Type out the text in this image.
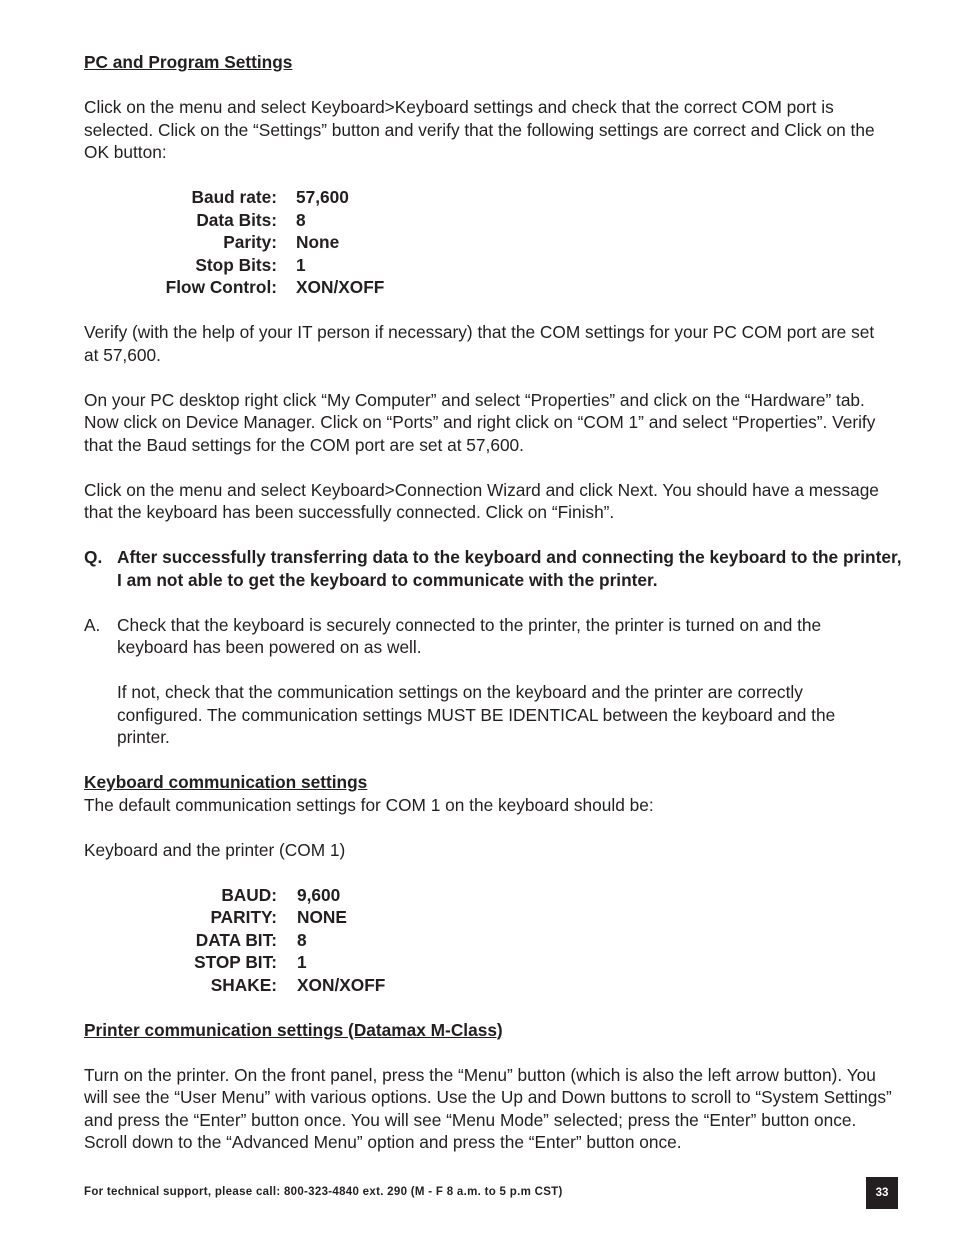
PC and Program Settings

Click on the menu and select Keyboard>Keyboard settings and check that the correct COM port is selected. Click on the “Settings” button and verify that the following settings are correct and Click on the OK button:

Baud rate:		57,600
Data Bits:		8
Parity:		None
Stop Bits:		1
Flow Control:		XON/XOFF

Verify (with the help of your IT person if necessary) that the COM settings for your PC COM port are set at 57,600.

On your PC desktop right click “My Computer” and select “Properties” and click on the “Hardware” tab. Now click on Device Manager. Click on “Ports” and right click on “COM 1” and select “Properties”. Verify that the Baud settings for the COM port are set at 57,600.

Click on the menu and select Keyboard>Connection Wizard and click Next. You should have a message that the keyboard has been successfully connected. Click on “Finish”.

Q. After successfully transferring data to the keyboard and connecting the keyboard to the printer, I am not able to get the keyboard to communicate with the printer.

A. Check that the keyboard is securely connected to the printer, the printer is turned on and the keyboard has been powered on as well.

If not, check that the communication settings on the keyboard and the printer are correctly configured. The communication settings MUST BE IDENTICAL between the keyboard and the printer.

Keyboard communication settings

The default communication settings for COM 1 on the keyboard should be:

Keyboard and the printer (COM 1)

BAUD:		9,600
PARITY:		NONE
DATA BIT:		8
STOP BIT:		1
SHAKE:		XON/XOFF

Printer communication settings (Datamax M-Class)

Turn on the printer. On the front panel, press the “Menu” button (which is also the left arrow button). You will see the “User Menu” with various options. Use the Up and Down buttons to scroll to “System Settings” and press the “Enter” button once. You will see “Menu Mode” selected; press the “Enter” button once. Scroll down to the “Advanced Menu” option and press the “Enter” button once.

For technical support, please call: 800-323-4840 ext. 290 (M - F 8 a.m. to 5 p.m CST)	33
